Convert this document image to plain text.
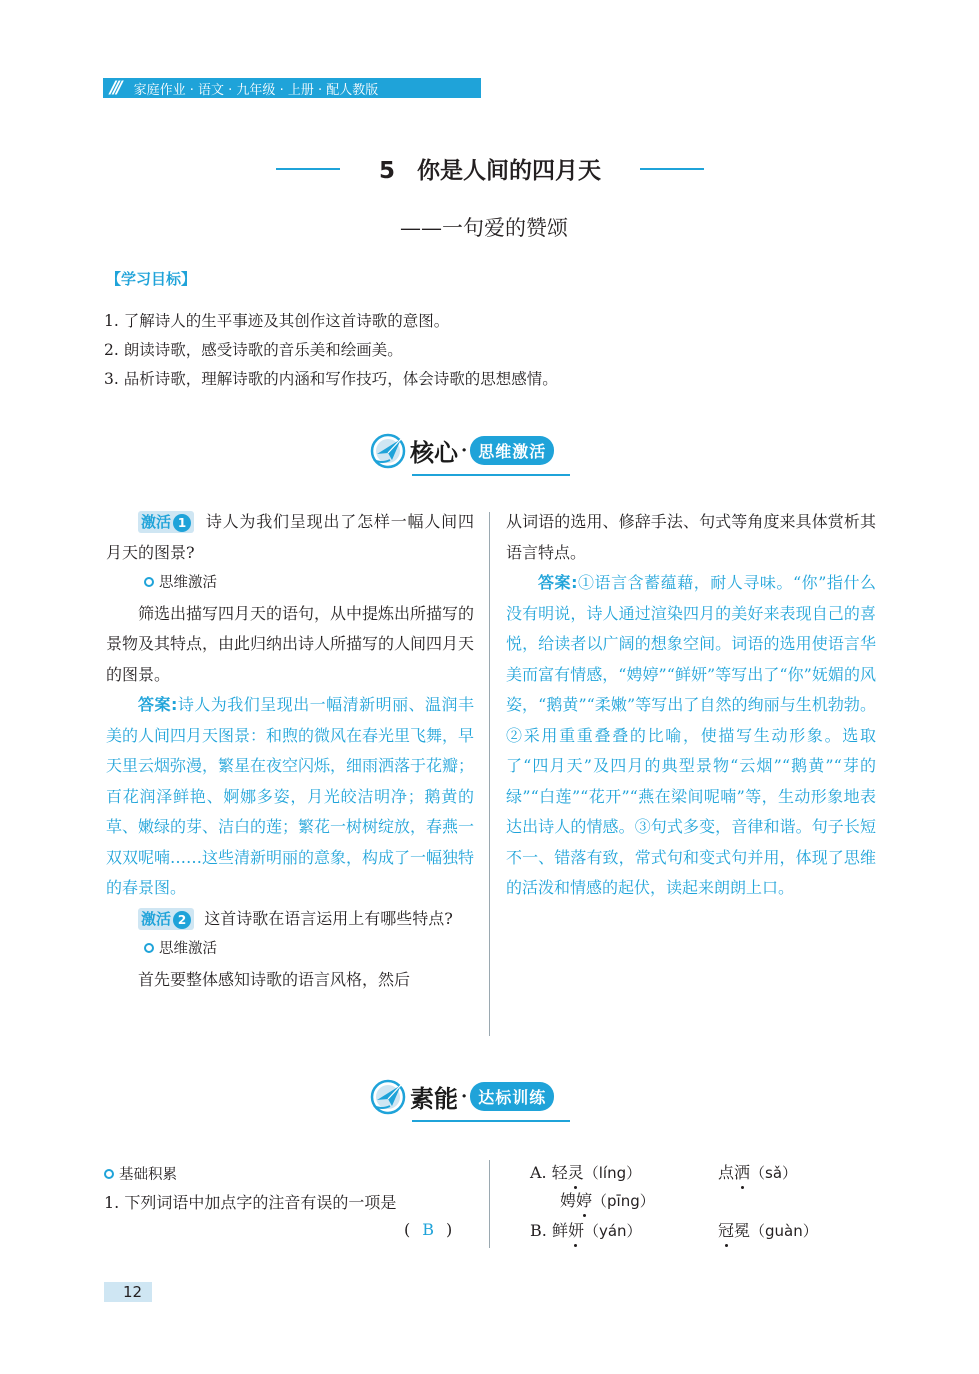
/// 家庭作业 · 语文 · 九年级 · 上册 · 配人教版
5 你是人间的四月天
——一句爱的赞颂
【学习目标】
1. 了解诗人的生平事迹及其创作这首诗歌的意图。
2. 朗读诗歌，感受诗歌的音乐美和绘画美。
3. 品析诗歌，理解诗歌的内涵和写作技巧，体会诗歌的思想感情。
核心 · 思维激活

激活 1 诗人为我们呈现出了怎样一幅人间四月天的图景?

思维激活

筛选出描写四月天的语句，从中提炼出所描写的景物及其特点，由此归纳出诗人所描写的人间四月天的图景。

答案:诗人为我们呈现出一幅清新明丽、温润丰美的人间四月天图景：和煦的微风在春光里飞舞，早天里云烟弥漫，繁星在夜空闪烁，细雨洒落于花瓣；百花润泽鲜艳、婀娜多姿，月光皎洁明净；鹅黄的草、嫩绿的芽、洁白的莲；繁花一树树绽放，春燕一双双呢喃……这些清新明丽的意象，构成了一幅独特的春景图。

激活 2 这首诗歌在语言运用上有哪些特点?

思维激活

首先要整体感知诗歌的语言风格，然后

从词语的选用、修辞手法、句式等角度来具体赏析其语言特点。

答案:①语言含蓄蕴藉，耐人寻味。“你”指什么没有明说，诗人通过渲染四月的美好来表现自己的喜悦，给读者以广阔的想象空间。词语的选用使语言华美而富有情感，“娉婷”“鲜妍”等写出了“你”妩媚的风姿，“鹅黄”“柔嫩”等写出了自然的绚丽与生机勃勃。②采用重重叠叠的比喻，使描写生动形象。选取了“四月天”及四月的典型景物“云烟”“鹅黄”“芽的绿”“白莲”“花开”“燕在梁间呢喃”等，生动形象地表达出诗人的情感。③句式多变，音律和谐。句子长短不一、错落有致，常式句和变式句并用，体现了思维的活泼和情感的起伏，读起来朗朗上口。

素能 · 达标训练
基础积累
1. 下列词语中加点字的注音有误的一项是
( B )
A. 轻灵（líng）	点洒（sǎ）
娉婷（pīng）
B. 鲜妍（yán）	冠冕（guàn）
12
